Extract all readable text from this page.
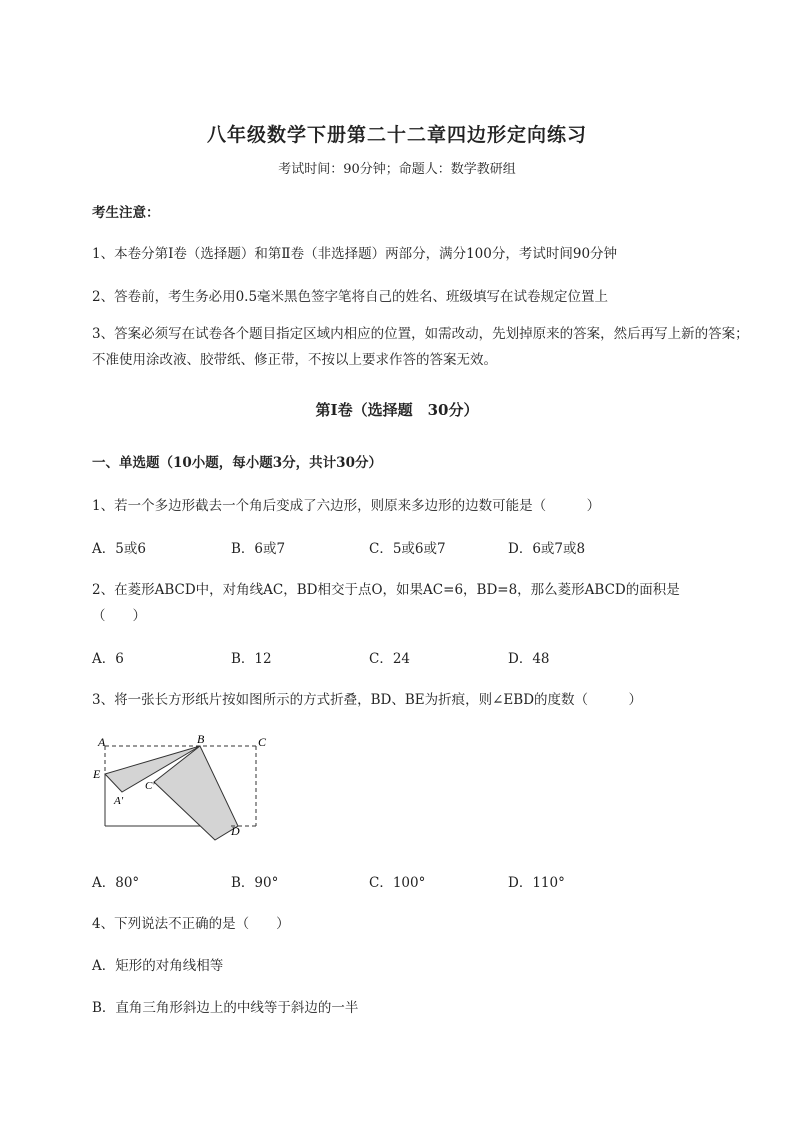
八年级数学下册第二十二章四边形定向练习
考试时间：90分钟；命题人：数学教研组
考生注意：
1、本卷分第Ⅰ卷（选择题）和第Ⅱ卷（非选择题）两部分，满分100分，考试时间90分钟
2、答卷前，考生务必用0.5毫米黑色签字笔将自己的姓名、班级填写在试卷规定位置上
3、答案必须写在试卷各个题目指定区域内相应的位置，如需改动，先划掉原来的答案，然后再写上新的答案；不准使用涂改液、胶带纸、修正带，不按以上要求作答的答案无效。
第Ⅰ卷（选择题　30分）
一、单选题（10小题，每小题3分，共计30分）
1、若一个多边形截去一个角后变成了六边形，则原来多边形的边数可能是（　　　）
A．5或6	B．6或7	C．5或6或7	D．6或7或8
2、在菱形ABCD中，对角线AC，BD相交于点O，如果AC=6，BD=8，那么菱形ABCD的面积是
（　　）
A．6	B．12	C．24	D．48
3、将一张长方形纸片按如图所示的方式折叠，BD、BE为折痕，则∠EBD的度数（　　　）
A	B	C
E
A′
C′
D
A．80°	B．90°	C．100°	D．110°
4、下列说法不正确的是（　　）
A．矩形的对角线相等
B．直角三角形斜边上的中线等于斜边的一半
